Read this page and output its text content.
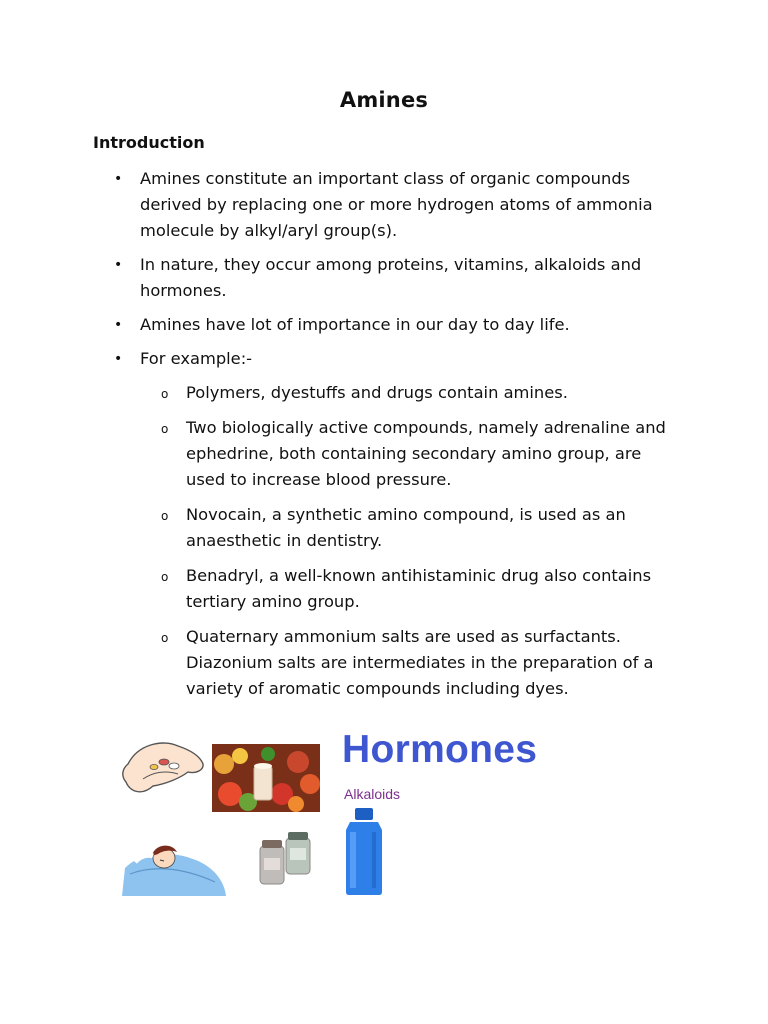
Amines
Introduction
• Amines constitute an important class of organic compounds derived by replacing one or more hydrogen atoms of ammonia molecule by alkyl/aryl group(s).
• In nature, they occur among proteins, vitamins, alkaloids and hormones.
• Amines have lot of importance in our day to day life.
• For example:-
o Polymers, dyestuffs and drugs contain amines.
o Two biologically active compounds, namely adrenaline and ephedrine, both containing secondary amino group, are used to increase blood pressure.
o Novocain, a synthetic amino compound, is used as an anaesthetic in dentistry.
o Benadryl, a well-known antihistaminic drug also contains tertiary amino group.
o Quaternary ammonium salts are used as surfactants. Diazonium salts are intermediates in the preparation of a variety of aromatic compounds including dyes.
Hormones
Alkaloids
